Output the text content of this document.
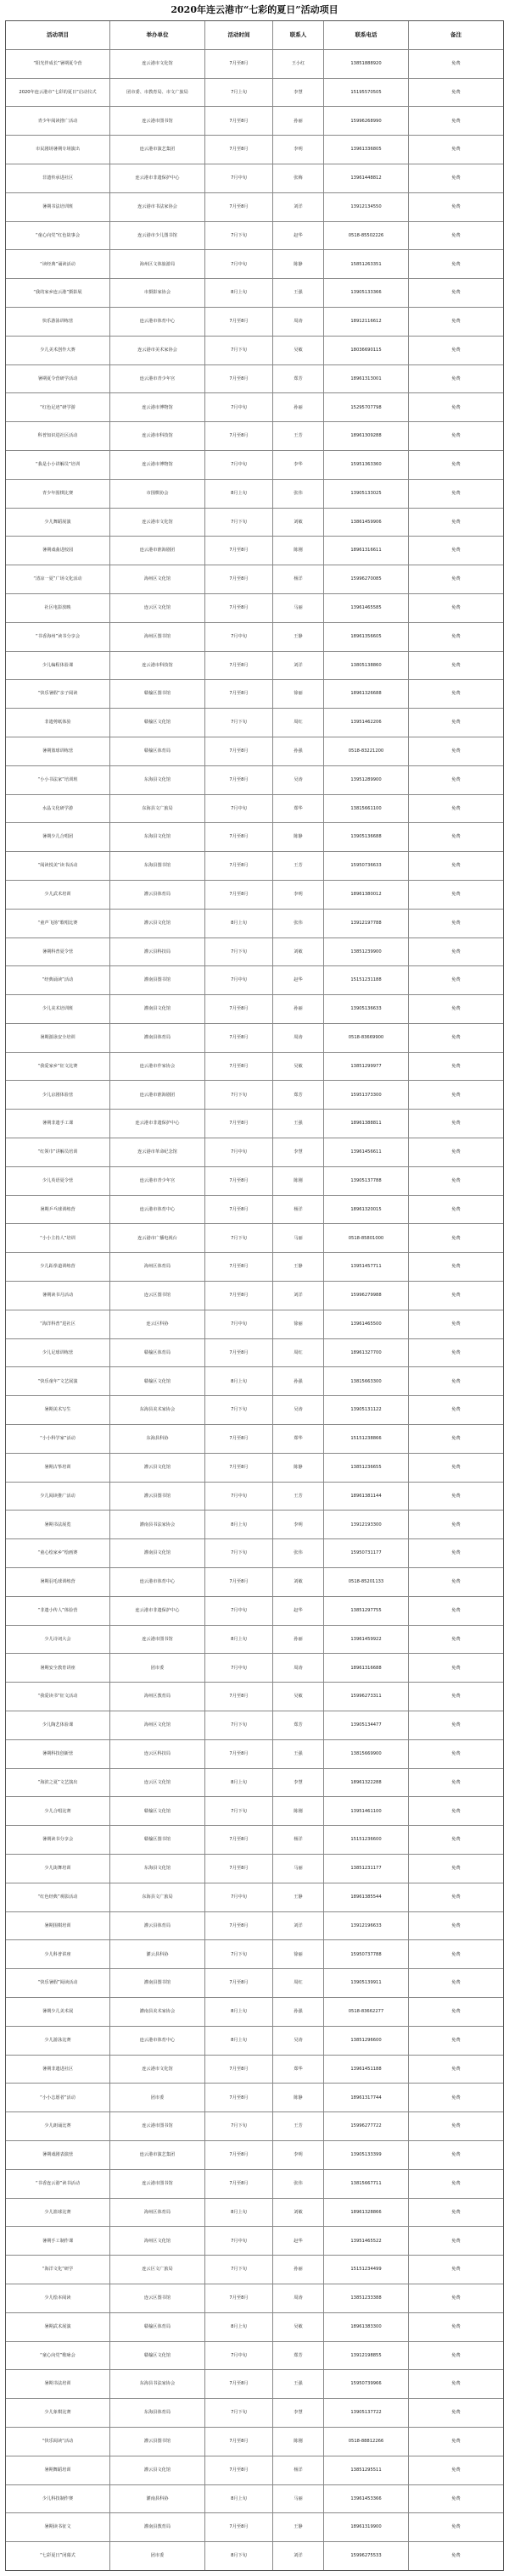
2020年连云港市“七彩的夏日”活动项目
活动项目	举办单位	活动时间	联系人	联系电话	备注
“阳光伴成长”暑期夏令营	连云港市文化馆	7月至8月	王小红	13851888920	免费
2020年连云港市“七彩的夏日”启动仪式	团市委、市教育局、市文广旅局	7月上旬	李慧	15195570505	免费
青少年阅读推广活动	连云港市图书馆	7月至8月	孙丽	15996268990	免费
市民剧场暑期专场演出	连云港市演艺集团	7月至8月	李明	13961336805	免费
非遗传承进社区	连云港市非遗保护中心	7月中旬	张梅	13961448812	免费
暑期书法培训班	连云港市书法家协会	7月至8月	刘洋	13912134550	免费
“童心向党”红色故事会	连云港市少儿图书馆	7月下旬	赵华	0518-85502226	免费
“读经典”诵读活动	海州区文体旅游局	7月中旬	陈静	15851263351	免费
“我的家乡连云港”摄影展	市摄影家协会	8月上旬	王强	13905133366	免费
快乐游泳训练营	连云港市体育中心	7月至8月	周涛	18912116612	免费
少儿美术创作大赛	连云港市美术家协会	7月下旬	吴敏	18036690115	免费
暑期夏令营研学活动	连云港市青少年宫	7月至8月	郑芳	18961313001	免费
“红色足迹”研学游	连云港市博物馆	7月中旬	孙丽	15295707798	免费
科普知识进社区活动	连云港市科技馆	7月至8月	王芳	18961309288	免费
“我是小小讲解员”培训	连云港市博物馆	7月中旬	李华	15951363360	免费
青少年围棋比赛	市围棋协会	8月上旬	张伟	13905133025	免费
少儿舞蹈展演	连云港市文化馆	7月下旬	刘敏	13861459906	免费
暑期戏曲进校园	连云港市淮海剧团	7月至8月	陈刚	18961316611	免费
“清凉一夏”广场文化活动	海州区文化馆	7月至8月	杨洋	15996270085	免费
社区电影放映	连云区文化馆	7月至8月	马丽	13961465585	免费
“书香海州”读书分享会	海州区图书馆	7月中旬	王静	18961356605	免费
少儿编程体验课	连云港市科技馆	7月至8月	刘洋	13805138860	免费
“快乐暑假”亲子阅读	赣榆区图书馆	7月至8月	徐丽	18961326688	免费
非遗剪纸体验	赣榆区文化馆	7月下旬	周红	13951462206	免费
暑期篮球训练营	赣榆区体育局	7月至8月	孙强	0518-83221200	免费
“小小书法家”培训班	东海县文化馆	7月至8月	吴涛	13951289900	免费
水晶文化研学游	东海县文广旅局	7月中旬	郑华	13815661100	免费
暑期少儿合唱团	东海县文化馆	7月至8月	陈静	13905136688	免费
“阅读悦美”读书活动	东海县图书馆	7月至8月	王芳	15950736633	免费
少儿武术培训	灌云县体育局	7月至8月	李明	18961380012	免费
“童声飞扬”歌唱比赛	灌云县文化馆	8月上旬	张伟	13912197788	免费
暑期科普夏令营	灌云县科技局	7月下旬	刘敏	13851239900	免费
“经典诵读”活动	灌南县图书馆	7月中旬	赵华	15151231188	免费
少儿美术培训班	灌南县文化馆	7月至8月	孙丽	13905136633	免费
暑期游泳安全培训	灌南县体育局	7月至8月	周涛	0518-83669900	免费
“我爱家乡”征文比赛	连云港市作家协会	7月至8月	吴敏	13851299977	免费
少儿京剧体验营	连云港市淮海剧团	7月下旬	郑芳	15951373300	免费
暑期非遗手工课	连云港市非遗保护中心	7月至8月	王强	18961388811	免费
“红领巾”讲解员培训	连云港市革命纪念馆	7月中旬	李慧	13961456611	免费
少儿英语夏令营	连云港市青少年宫	7月至8月	陈刚	13905137788	免费
暑期乒乓球训练营	连云港市体育中心	7月至8月	杨洋	18961320015	免费
“小小主持人”培训	连云港市广播电视台	7月下旬	马丽	0518-85801000	免费
少儿跆拳道训练营	海州区体育局	7月至8月	王静	13951457711	免费
暑期读书月活动	连云区图书馆	7月至8月	刘洋	15996279988	免费
“海洋科普”进社区	连云区科协	7月中旬	徐丽	13961465500	免费
少儿足球训练营	赣榆区体育局	7月至8月	周红	18961327700	免费
“快乐童年”文艺展演	赣榆区文化馆	8月上旬	孙强	13815663300	免费
暑期美术写生	东海县美术家协会	7月下旬	吴涛	13905131122	免费
“小小科学家”活动	东海县科协	7月至8月	郑华	15151238866	免费
暑期古筝培训	灌云县文化馆	7月至8月	陈静	13851236655	免费
少儿阅读推广活动	灌云县图书馆	7月中旬	王芳	18961381144	免费
暑期书法展览	灌南县书法家协会	8月上旬	李明	13912193300	免费
“童心绘家乡”绘画赛	灌南县文化馆	7月下旬	张伟	15950731177	免费
暑期羽毛球训练营	连云港市体育中心	7月至8月	刘敏	0518-85201133	免费
“非遗小传人”体验营	连云港市非遗保护中心	7月中旬	赵华	13851297755	免费
少儿诗词大会	连云港市图书馆	8月上旬	孙丽	13961459922	免费
暑期安全教育讲座	团市委	7月中旬	周涛	18961316688	免费
“我爱读书”征文活动	海州区教育局	7月至8月	吴敏	15996273311	免费
少儿陶艺体验课	海州区文化馆	7月下旬	郑芳	13905134477	免费
暑期科技创新营	连云区科技局	7月至8月	王强	13815669900	免费
“海滨之夏”文艺演出	连云区文化馆	8月上旬	李慧	18961322288	免费
少儿合唱比赛	赣榆区文化馆	7月下旬	陈刚	13951461100	免费
暑期读书分享会	赣榆区图书馆	7月至8月	杨洋	15151236600	免费
少儿街舞培训	东海县文化馆	7月至8月	马丽	13851231177	免费
“红色经典”观影活动	东海县文广旅局	7月中旬	王静	18961385544	免费
暑期围棋培训	灌云县体育局	7月至8月	刘洋	13912196633	免费
少儿科普讲座	灌云县科协	7月下旬	徐丽	15950737788	免费
“快乐暑假”阅读活动	灌南县图书馆	7月至8月	周红	13905139911	免费
暑期少儿美术展	灌南县美术家协会	8月上旬	孙强	0518-83662277	免费
少儿游泳比赛	连云港市体育中心	8月上旬	吴涛	13851296600	免费
暑期非遗进社区	连云港市文化馆	7月至8月	郑华	13961451188	免费
“小小志愿者”活动	团市委	7月至8月	陈静	18961317744	免费
少儿朗诵比赛	连云港市图书馆	7月下旬	王芳	15996277722	免费
暑期戏剧表演营	连云港市演艺集团	7月至8月	李明	13905133399	免费
“书香连云港”读书活动	连云港市图书馆	7月至8月	张伟	13815667711	免费
少儿篮球比赛	海州区体育局	8月上旬	刘敏	18961328866	免费
暑期手工制作课	海州区文化馆	7月中旬	赵华	13951465522	免费
“海洋文化”研学	连云区文广旅局	7月下旬	孙丽	15151234499	免费
少儿绘本阅读	连云区图书馆	7月至8月	周涛	13851233388	免费
暑期武术展演	赣榆区体育局	8月上旬	吴敏	18961383300	免费
“童心向党”歌咏会	赣榆区文化馆	7月中旬	郑芳	13912198855	免费
暑期书法培训	东海县书法家协会	7月至8月	王强	15950739966	免费
少儿象棋比赛	东海县体育局	7月下旬	李慧	13905137722	免费
“快乐阅读”活动	灌云县图书馆	7月至8月	陈刚	0518-88812266	免费
暑期舞蹈培训	灌云县文化馆	7月至8月	杨洋	13851295511	免费
少儿科技制作赛	灌南县科协	8月上旬	马丽	13961453366	免费
暑期读书征文	灌南县教育局	7月至8月	王静	18961319900	免费
“七彩夏日”闭幕式	团市委	8月下旬	刘洋	15996275533	免费
